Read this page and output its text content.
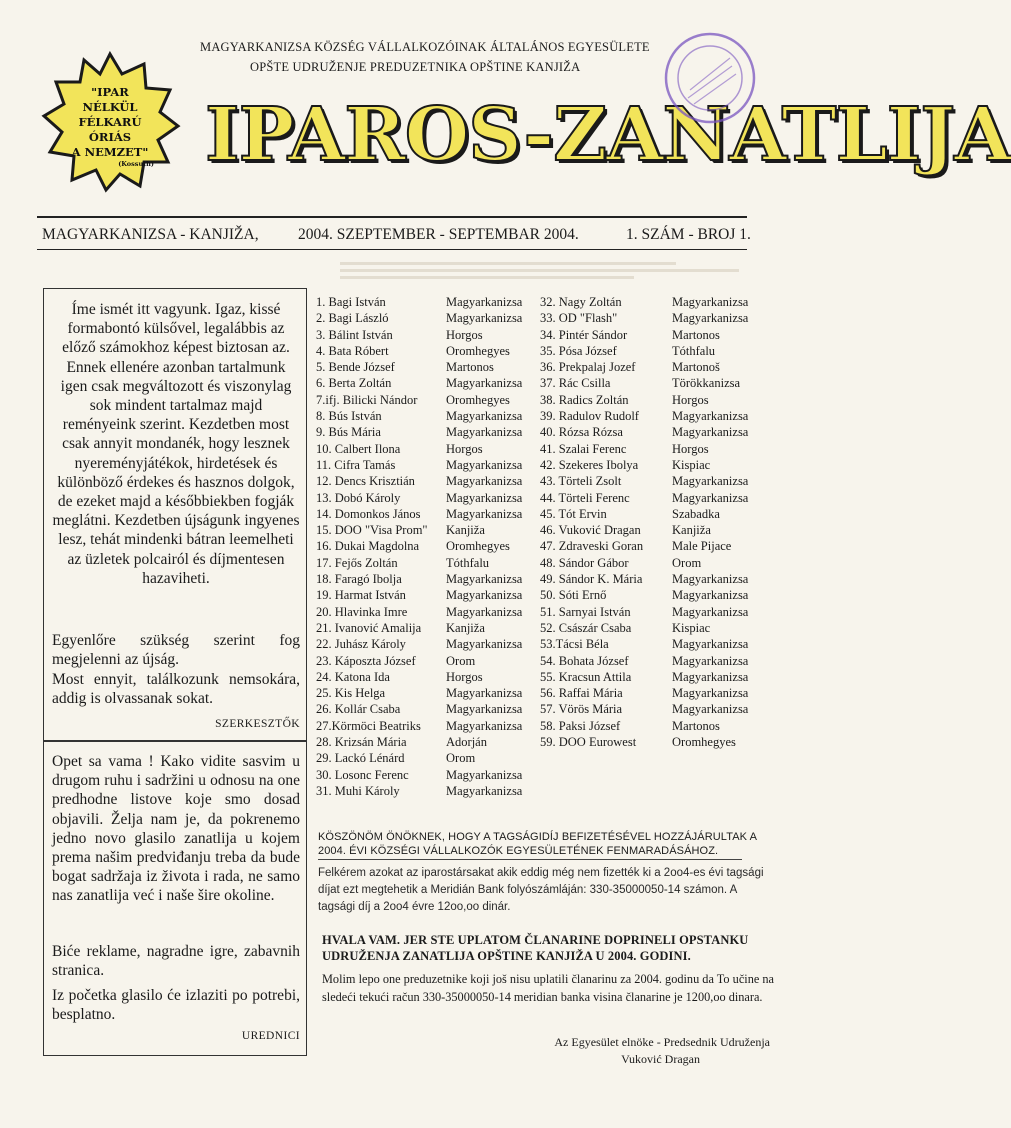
MAGYARKANIZSA KÖZSÉG VÁLLALKOZÓINAK ÁLTALÁNOS EGYESÜLETE
OPŠTE UDRUŽENJE PREDUZETNIKA OPŠTINE KANJIŽA
"IPAR
NÉLKÜL
FÉLKARÚ
ÓRIÁS
A NEMZET"
(Kossuth) IPAROS-ZANATLIJA
MAGYARKANIZSA - KANJIŽA,	2004. SZEPTEMBER - SEPTEMBAR 2004.	1. SZÁM - BROJ 1.
Íme ismét itt vagyunk. Igaz, kissé formabontó külsővel, legalábbis az előző számokhoz képest biztosan az. Ennek ellenére azonban tartalmunk igen csak megváltozott és viszonylag sok mindent tartalmaz majd reményeink szerint. Kezdetben most csak annyit mondanék, hogy lesznek nyereményjátékok, hirdetések és különböző érdekes és hasznos dolgok, de ezeket majd a későbbiekben fogják meglátni. Kezdetben újságunk ingyenes lesz, tehát mindenki bátran leemelheti az üzletek polcairól és díjmentesen hazaviheti.
Egyenlőre szükség szerint fog megjelenni az újság.
Most ennyit, találkozunk nemsokára, addig is olvassanak sokat.
SZERKESZTŐK
Opet sa vama ! Kako vidite sasvim u drugom ruhu i sadržini u odnosu na one predhodne listove koje smo dosad objavili. Želja nam je, da pokrenemo jedno novo glasilo zanatlija u kojem prema našim predviđanju treba da bude bogat sadržaja iz života i rada, ne samo nas zanatlija već i naše šire okoline.
Biće reklame, nagradne igre, zabavnih stranica.
Iz početka glasilo će izlaziti po potrebi, besplatno.
UREDNICI
1. Bagi István
2. Bagi László
3. Bálint István
4. Bata Róbert
5. Bende József
6. Berta Zoltán
7.ifj. Bilicki Nándor
8. Bús István
9. Bús Mária
10. Calbert Ilona
11. Cifra Tamás
12. Dencs Krisztián
13. Dobó Károly
14. Domonkos János
15. DOO "Visa Prom"
16. Dukai Magdolna
17. Fejős Zoltán
18. Faragó Ibolja
19. Harmat István
20. Hlavinka Imre
21. Ivanović Amalija
22. Juhász Károly
23. Káposzta József
24. Katona Ida
25. Kis Helga
26. Kollár Csaba
27.Körmöci Beatriks
28. Krizsán Mária
29. Lackó Lénárd
30. Losonc Ferenc
31. Muhi Károly
Magyarkanizsa
Magyarkanizsa
Horgos
Oromhegyes
Martonos
Magyarkanizsa
Oromhegyes
Magyarkanizsa
Magyarkanizsa
Horgos
Magyarkanizsa
Magyarkanizsa
Magyarkanizsa
Magyarkanizsa
Kanjiža
Oromhegyes
Tóthfalu
Magyarkanizsa
Magyarkanizsa
Magyarkanizsa
Kanjiža
Magyarkanizsa
Orom
Horgos
Magyarkanizsa
Magyarkanizsa
Magyarkanizsa
Adorján
Orom
Magyarkanizsa
Magyarkanizsa
32. Nagy Zoltán
33. OD "Flash"
34. Pintér Sándor
35. Pósa József
36. Prekpalaj Jozef
37. Rác Csilla
38. Radics Zoltán
39. Radulov Rudolf
40. Rózsa Rózsa
41. Szalai Ferenc
42. Szekeres Ibolya
43. Törteli Zsolt
44. Törteli Ferenc
45. Tót Ervin
46. Vuković Dragan
47. Zdraveski Goran
48. Sándor Gábor
49. Sándor K. Mária
50. Sóti Ernő
51. Sarnyai István
52. Császár Csaba
53.Tácsi Béla
54. Bohata József
55. Kracsun Attila
56. Raffai Mária
57. Vörös Mária
58. Paksi József
59. DOO Eurowest
Magyarkanizsa
Magyarkanizsa
Martonos
Tóthfalu
Martonoš
Törökkanizsa
Horgos
Magyarkanizsa
Magyarkanizsa
Horgos
Kispiac
Magyarkanizsa
Magyarkanizsa
Szabadka
Kanjiža
Male Pijace
Orom
Magyarkanizsa
Magyarkanizsa
Magyarkanizsa
Kispiac
Magyarkanizsa
Magyarkanizsa
Magyarkanizsa
Magyarkanizsa
Magyarkanizsa
Martonos
Oromhegyes
KÖSZÖNÖM ÖNÖKNEK, HOGY A TAGSÁGIDÍJ BEFIZETÉSÉVEL HOZZÁJÁRULTAK A 2004. ÉVI KÖZSÉGI VÁLLALKOZÓK EGYESÜLETÉNEK FENMARADÁSÁHOZ.
Felkérem azokat az iparostársakat akik eddig még nem fizették ki a 2oo4-es évi tagsági díjat ezt megtehetik a Meridián Bank folyószámláján: 330-35000050-14 számon. A tagsági díj a 2oo4 évre 12oo,oo dinár.
HVALA VAM. JER STE UPLATOM ČLANARINE DOPRINELI OPSTANKU UDRUŽENJA ZANATLIJA OPŠTINE KANJIŽA U 2004. GODINI.
Molim lepo one preduzetnike koji još nisu uplatili članarinu za 2004. godinu da To učine na sledeći tekući račun 330-35000050-14 meridian banka visina članarine je 1200,oo dinara.
Az Egyesület elnöke - Predsednik Udruženja
Vuković Dragan
